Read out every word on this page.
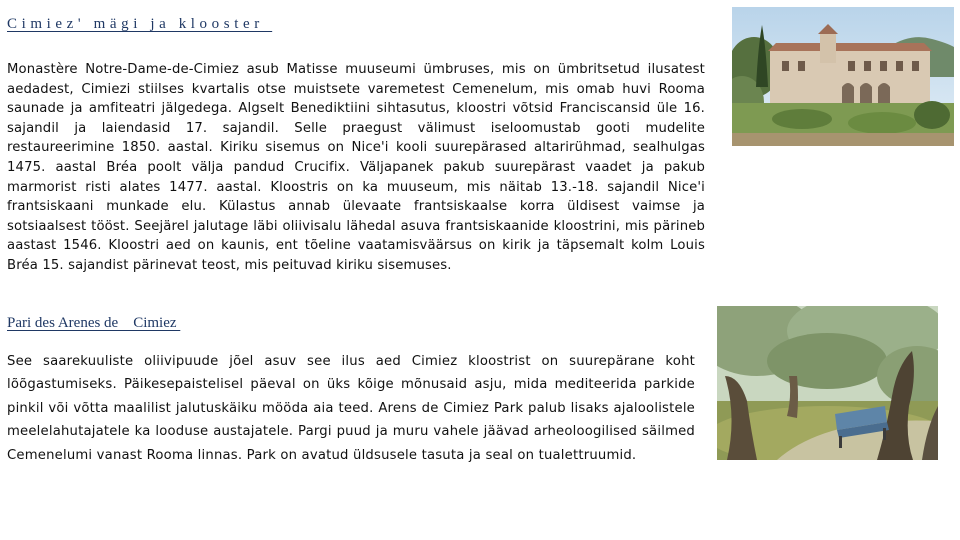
Cimiez' mägi ja klooster

Monastère Notre-Dame-de-Cimiez asub Matisse muuseumi ümbruses, mis on ümbritsetud ilusatest aedadest, Cimiezi stiilses kvartalis otse muistsete varemetest Cemenelum, mis omab huvi Rooma saunade ja amfiteatri jälgedega. Algselt Benediktiini sihtasutus, kloostri võtsid Franciscansid üle 16. sajandil ja laiendasid 17. sajandil. Selle praegust välimust iseloomustab gooti mudelite restaureerimine 1850. aastal. Kiriku sisemus on Nice'i kooli suurepärased altarirühmad, sealhulgas 1475. aastal Bréa poolt välja pandud Crucifix. Väljapanek pakub suurepärast vaadet ja pakub marmorist risti alates 1477. aastal. Kloostris on ka muuseum, mis näitab 13.-18. sajandil Nice'i frantsiskaani munkade elu. Külastus annab ülevaate frantsiskaalse korra üldisest vaimse ja sotsiaalsest tööst. Seejärel jalutage läbi oliivisalu lähedal asuva frantsiskaanide kloostrini, mis pärineb aastast 1546. Kloostri aed on kaunis, ent tõeline vaatamisväärsus on kirik ja täpsemalt kolm Louis Bréa 15. sajandist pärinevat teost, mis peituvad kiriku sisemuses.

Pari des Arenes de    Cimiez

See saarekuuliste oliivipuude jõel asuv see ilus aed Cimiez kloostrist on suurepärane koht lõõgastumiseks. Päikesepaistelisel päeval on üks kõige mõnusaid asju, mida mediteerida parkide pinkil või võtta maalilist jalutuskäiku mööda aia teed. Arens de Cimiez Park palub lisaks ajaloolistele meelelahutajatele ka looduse austajatele. Pargi puud ja muru vahele jäävad arheoloogilised säilmed Cemenelumi vanast Rooma linnas. Park on avatud üldsusele tasuta ja seal on tualettruumid.
